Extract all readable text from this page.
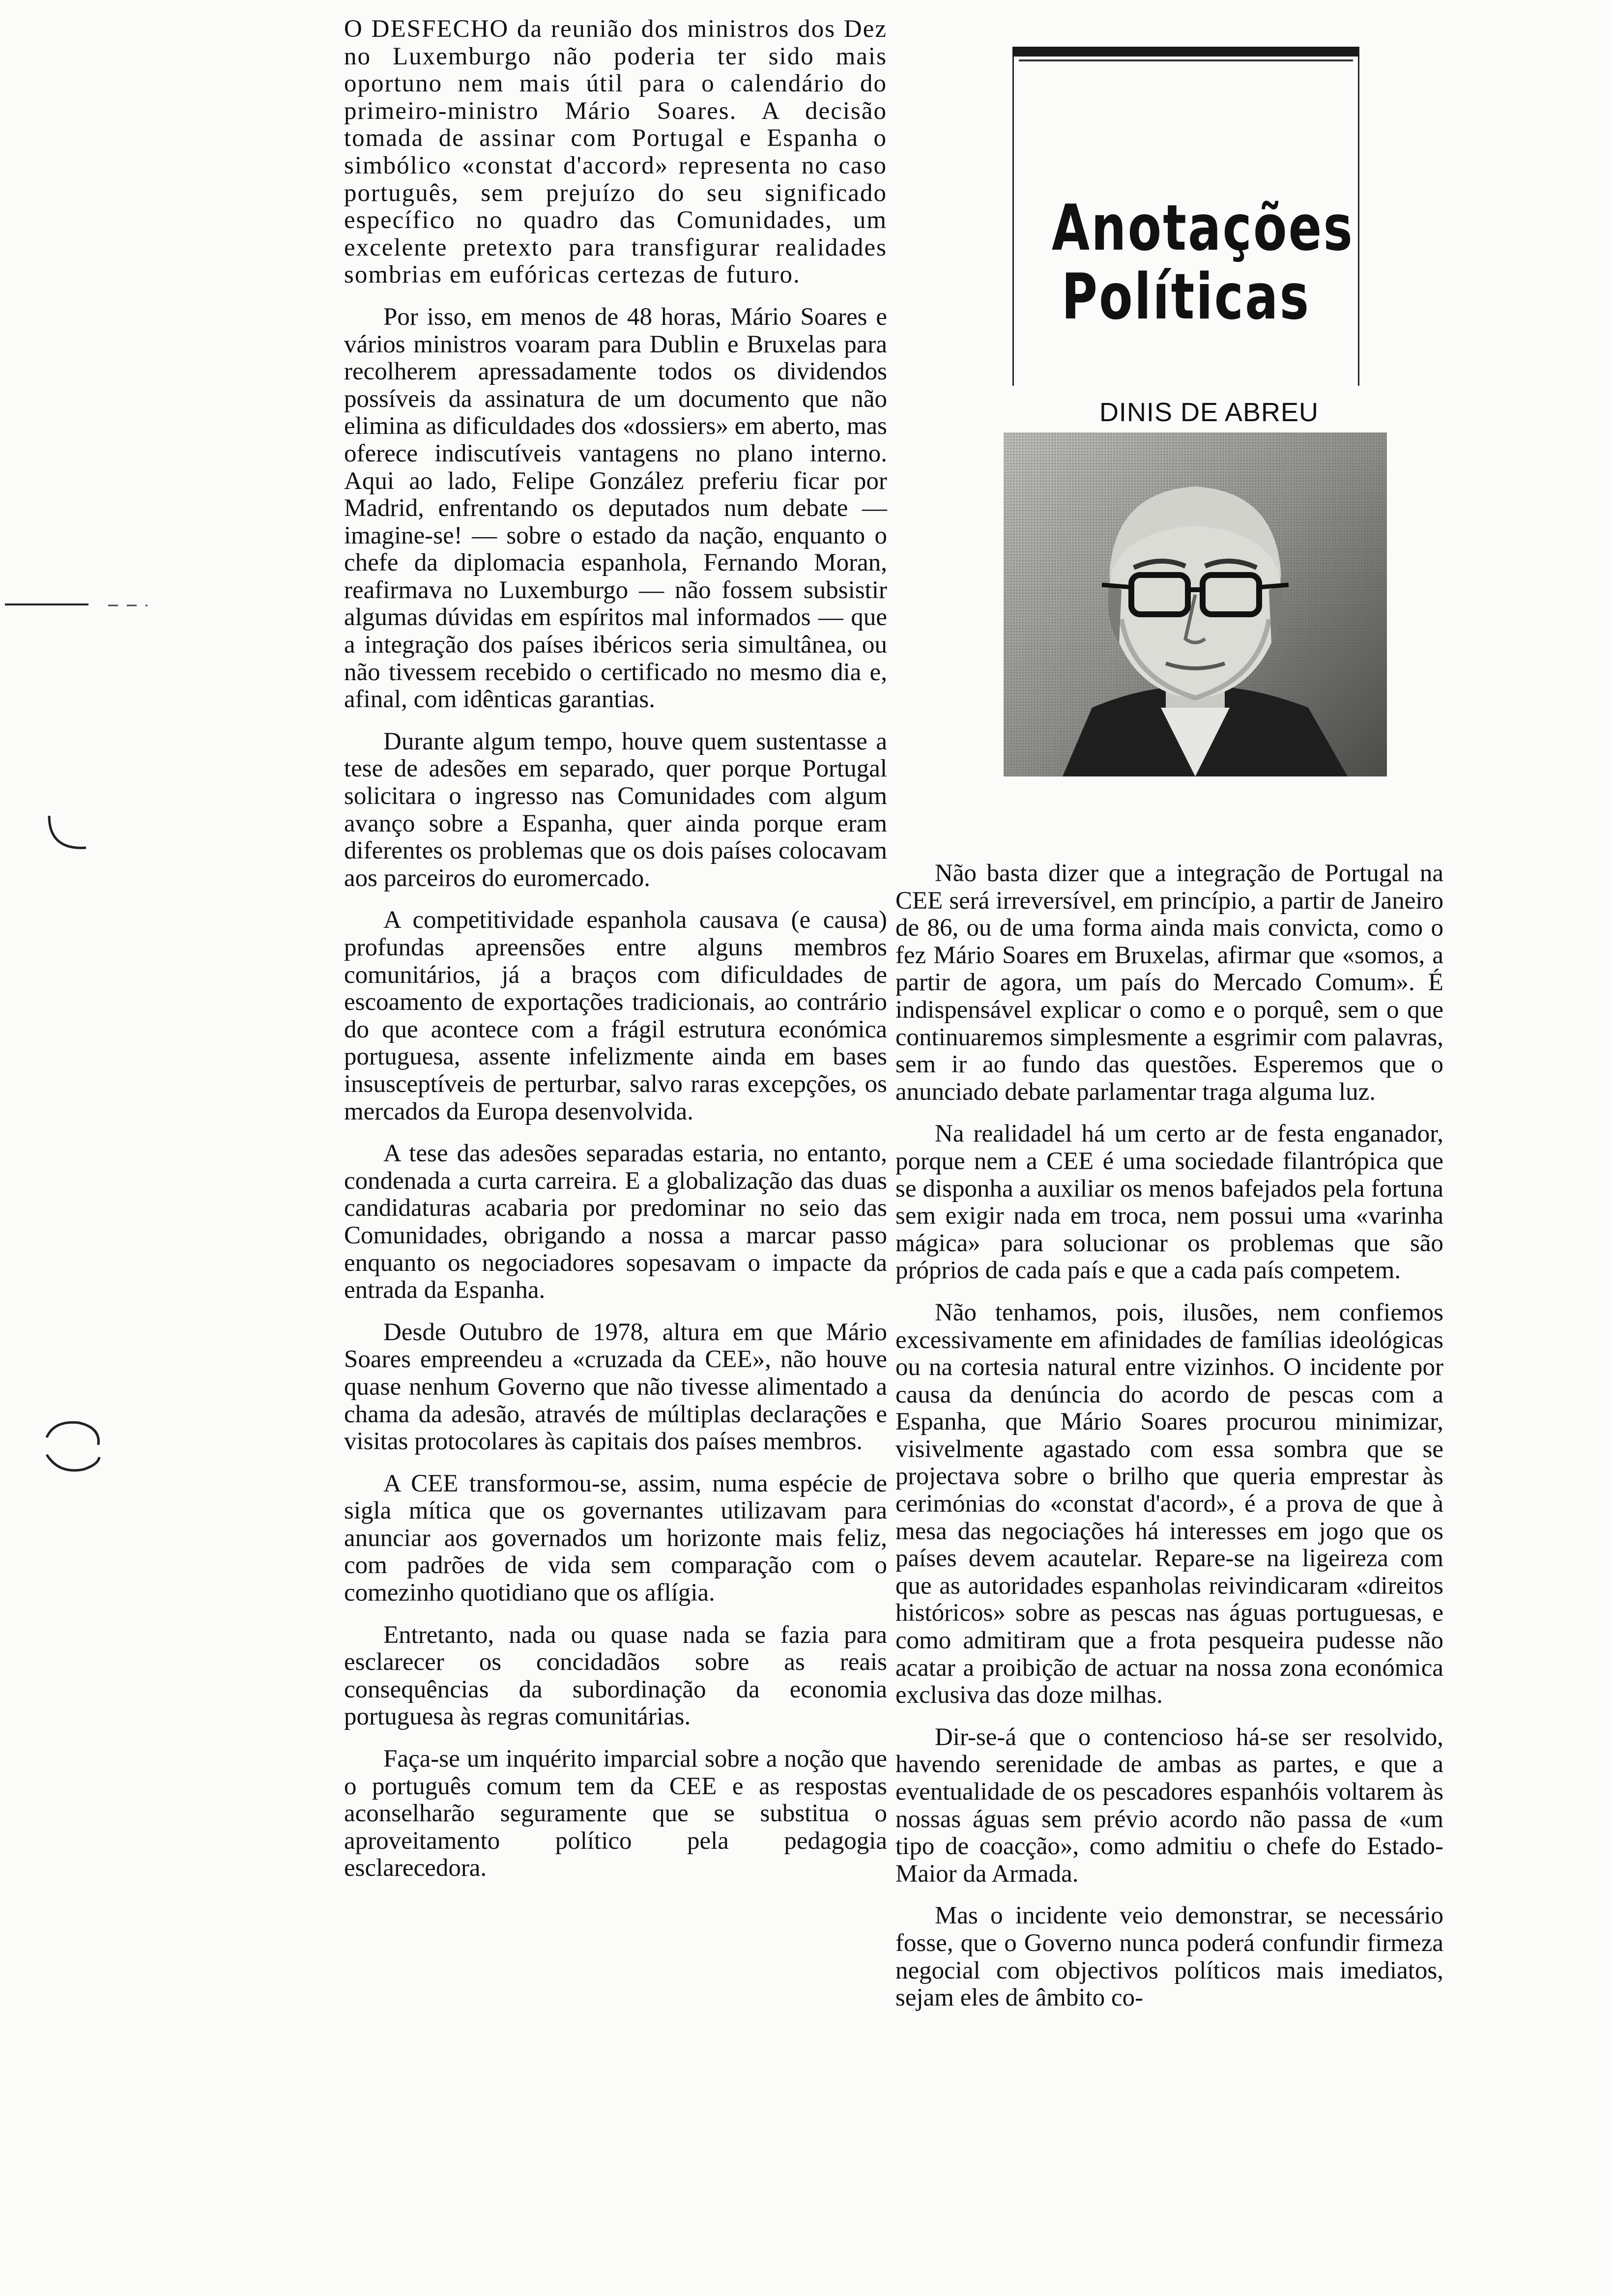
Anotações
Políticas
DINIS DE ABREU

O DESFECHO da reunião dos ministros dos Dez no Luxemburgo não poderia ter sido mais oportuno nem mais útil para o calendário do primeiro-ministro Mário Soares. A decisão tomada de assinar com Portugal e Espanha o simbólico «constat d'accord» representa no caso português, sem prejuízo do seu significado específico no quadro das Comunidades, um excelente pretexto para transfigurar realidades sombrias em eufóricas certezas de futuro.

Por isso, em menos de 48 horas, Mário Soares e vários ministros voaram para Dublin e Bruxelas para recolherem apressadamente todos os dividendos possíveis da assinatura de um documento que não elimina as dificuldades dos «dossiers» em aberto, mas oferece indiscutíveis vantagens no plano interno. Aqui ao lado, Felipe González preferiu ficar por Madrid, enfrentando os deputados num debate — imagine-se! — sobre o estado da nação, enquanto o chefe da diplomacia espanhola, Fernando Moran, reafirmava no Luxemburgo — não fossem subsistir algumas dúvidas em espíritos mal informados — que a integração dos países ibéricos seria simultânea, ou não tivessem recebido o certificado no mesmo dia e, afinal, com idênticas garantias.

Durante algum tempo, houve quem sustentasse a tese de adesões em separado, quer porque Portugal solicitara o ingresso nas Comunidades com algum avanço sobre a Espanha, quer ainda porque eram diferentes os problemas que os dois países colocavam aos parceiros do euromercado.

A competitividade espanhola causava (e causa) profundas apreensões entre alguns membros comunitários, já a braços com dificuldades de escoamento de exportações tradicionais, ao contrário do que acontece com a frágil estrutura económica portuguesa, assente infelizmente ainda em bases insusceptíveis de perturbar, salvo raras excepções, os mercados da Europa desenvolvida.

A tese das adesões separadas estaria, no entanto, condenada a curta carreira. E a globalização das duas candidaturas acabaria por predominar no seio das Comunidades, obrigando a nossa a marcar passo enquanto os negociadores sopesavam o impacte da entrada da Espanha.

Desde Outubro de 1978, altura em que Mário Soares empreendeu a «cruzada da CEE», não houve quase nenhum Governo que não tivesse alimentado a chama da adesão, através de múltiplas declarações e visitas protocolares às capitais dos países membros.

A CEE transformou-se, assim, numa espécie de sigla mítica que os governantes utilizavam para anunciar aos governados um horizonte mais feliz, com padrões de vida sem comparação com o comezinho quotidiano que os aflígia.

Entretanto, nada ou quase nada se fazia para esclarecer os concidadãos sobre as reais consequências da subordinação da economia portuguesa às regras comunitárias.

Faça-se um inquérito imparcial sobre a noção que o português comum tem da CEE e as respostas aconselharão seguramente que se substitua o aproveitamento político pela pedagogia esclarecedora.

Não basta dizer que a integração de Portugal na CEE será irreversível, em princípio, a partir de Janeiro de 86, ou de uma forma ainda mais convicta, como o fez Mário Soares em Bruxelas, afirmar que «somos, a partir de agora, um país do Mercado Comum». É indispensável explicar o como e o porquê, sem o que continuaremos simplesmente a esgrimir com palavras, sem ir ao fundo das questões. Esperemos que o anunciado debate parlamentar traga alguma luz.

Na realidadel há um certo ar de festa enganador, porque nem a CEE é uma sociedade filantrópica que se disponha a auxiliar os menos bafejados pela fortuna sem exigir nada em troca, nem possui uma «varinha mágica» para solucionar os problemas que são próprios de cada país e que a cada país competem.

Não tenhamos, pois, ilusões, nem confiemos excessivamente em afinidades de famílias ideológicas ou na cortesia natural entre vizinhos. O incidente por causa da denúncia do acordo de pescas com a Espanha, que Mário Soares procurou minimizar, visivelmente agastado com essa sombra que se projectava sobre o brilho que queria emprestar às cerimónias do «constat d'acord», é a prova de que à mesa das negociações há interesses em jogo que os países devem acautelar. Repare-se na ligeireza com que as autoridades espanholas reivindicaram «direitos históricos» sobre as pescas nas águas portuguesas, e como admitiram que a frota pesqueira pudesse não acatar a proibição de actuar na nossa zona económica exclusiva das doze milhas.

Dir-se-á que o contencioso há-se ser resolvido, havendo serenidade de ambas as partes, e que a eventualidade de os pescadores espanhóis voltarem às nossas águas sem prévio acordo não passa de «um tipo de coacção», como admitiu o chefe do Estado-Maior da Armada.

Mas o incidente veio demonstrar, se necessário fosse, que o Governo nunca poderá confundir firmeza negocial com objectivos políticos mais imediatos, sejam eles de âmbito co-
